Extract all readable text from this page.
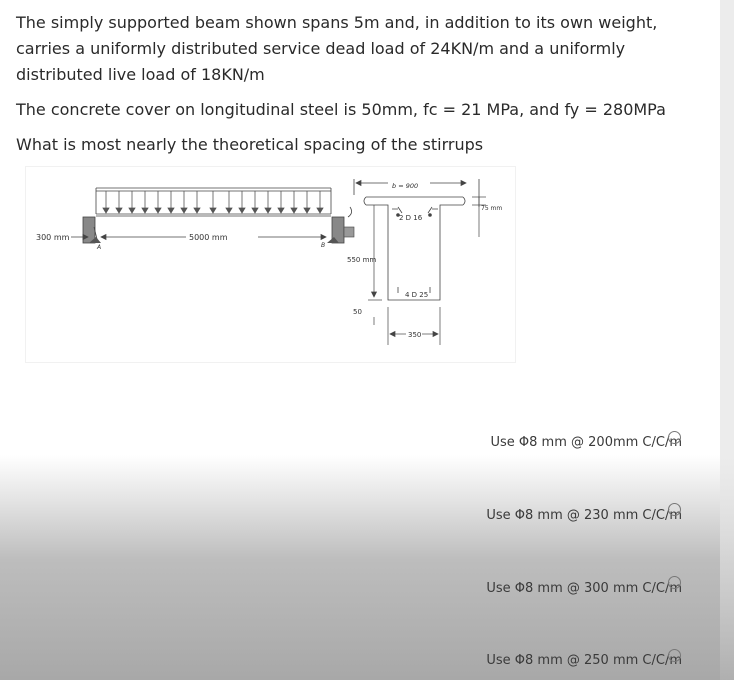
The simply supported beam shown spans 5m and, in addition to its own weight, carries a uniformly distributed service dead load of 24KN/m and a uniformly distributed live load of 18KN/m

The concrete cover on longitudinal steel is 50mm, fc = 21 MPa, and fy = 280MPa

What is most nearly the theoretical spacing of the stirrups

300 mm	5000 mm
A	B
b = 900
75 mm
2 D 16
550 mm
4 D 25
50
350
Use Φ8 mm @ 200mm C/C/m
Use Φ8 mm @ 230 mm C/C/m
Use Φ8 mm @ 300 mm C/C/m
Use Φ8 mm @ 250 mm C/C/m
